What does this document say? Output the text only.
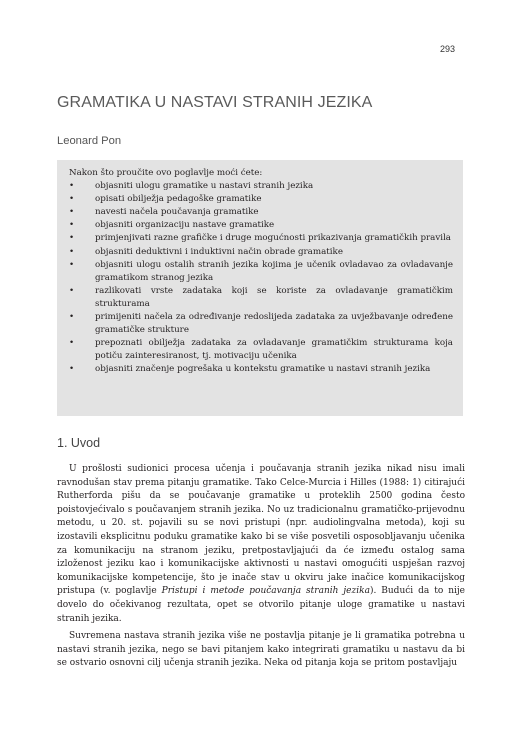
293
GRAMATIKA U NASTAVI STRANIH JEZIKA
Leonard Pon

Nakon što proučite ovo poglavlje moći ćete:

• objasniti ulogu gramatike u nastavi stranih jezika
• opisati obilježja pedagoške gramatike
• navesti načela poučavanja gramatike
• objasniti organizaciju nastave gramatike
• primjenjivati razne grafičke i druge mogućnosti prikazivanja gramatičkih pravila
• objasniti deduktivni i induktivni način obrade gramatike
• objasniti ulogu ostalih stranih jezika kojima je učenik ovladavao za ovladavanje gramatikom stranog jezika
• razlikovati vrste zadataka koji se koriste za ovladavanje gramatičkim strukturama
• primijeniti načela za određivanje redoslijeda zadataka za uvježbavanje određene gramatičke strukture
• prepoznati obilježja zadataka za ovladavanje gramatičkim strukturama koja potiču zainteresiranost, tj. motivaciju učenika
• objasniti značenje pogrešaka u kontekstu gramatike u nastavi stranih jezika
1. Uvod

U prošlosti sudionici procesa učenja i poučavanja stranih jezika nikad nisu imali ravnodušan stav prema pitanju gramatike. Tako Celce-Murcia i Hilles (1988: 1) citirajući Rutherforda pišu da se poučavanje gramatike u proteklih 2500 godina često poistovjećivalo s poučavanjem stranih jezika. No uz tradicionalnu gramatičko-prijevodnu metodu, u 20. st. pojavili su se novi pristupi (npr. audiolingvalna metoda), koji su izostavili eksplicitnu poduku gramatike kako bi se više posvetili osposobljavanju učenika za komunikaciju na stranom jeziku, pretpostavljajući da će između ostalog sama izloženost jeziku kao i komunikacijske aktivnosti u nastavi omogućiti uspješan razvoj komunikacijske kompetencije, što je inače stav u okviru jake inačice komunikacijskog pristupa (v. poglavlje Pristupi i metode poučavanja stranih jezika). Budući da to nije dovelo do očekivanog rezultata, opet se otvorilo pitanje uloge gramatike u nastavi stranih jezika.

Suvremena nastava stranih jezika više ne postavlja pitanje je li gramatika potrebna u nastavi stranih jezika, nego se bavi pitanjem kako integrirati gramatiku u nastavu da bi se ostvario osnovni cilj učenja stranih jezika. Neka od pitanja koja se pritom postavljaju
